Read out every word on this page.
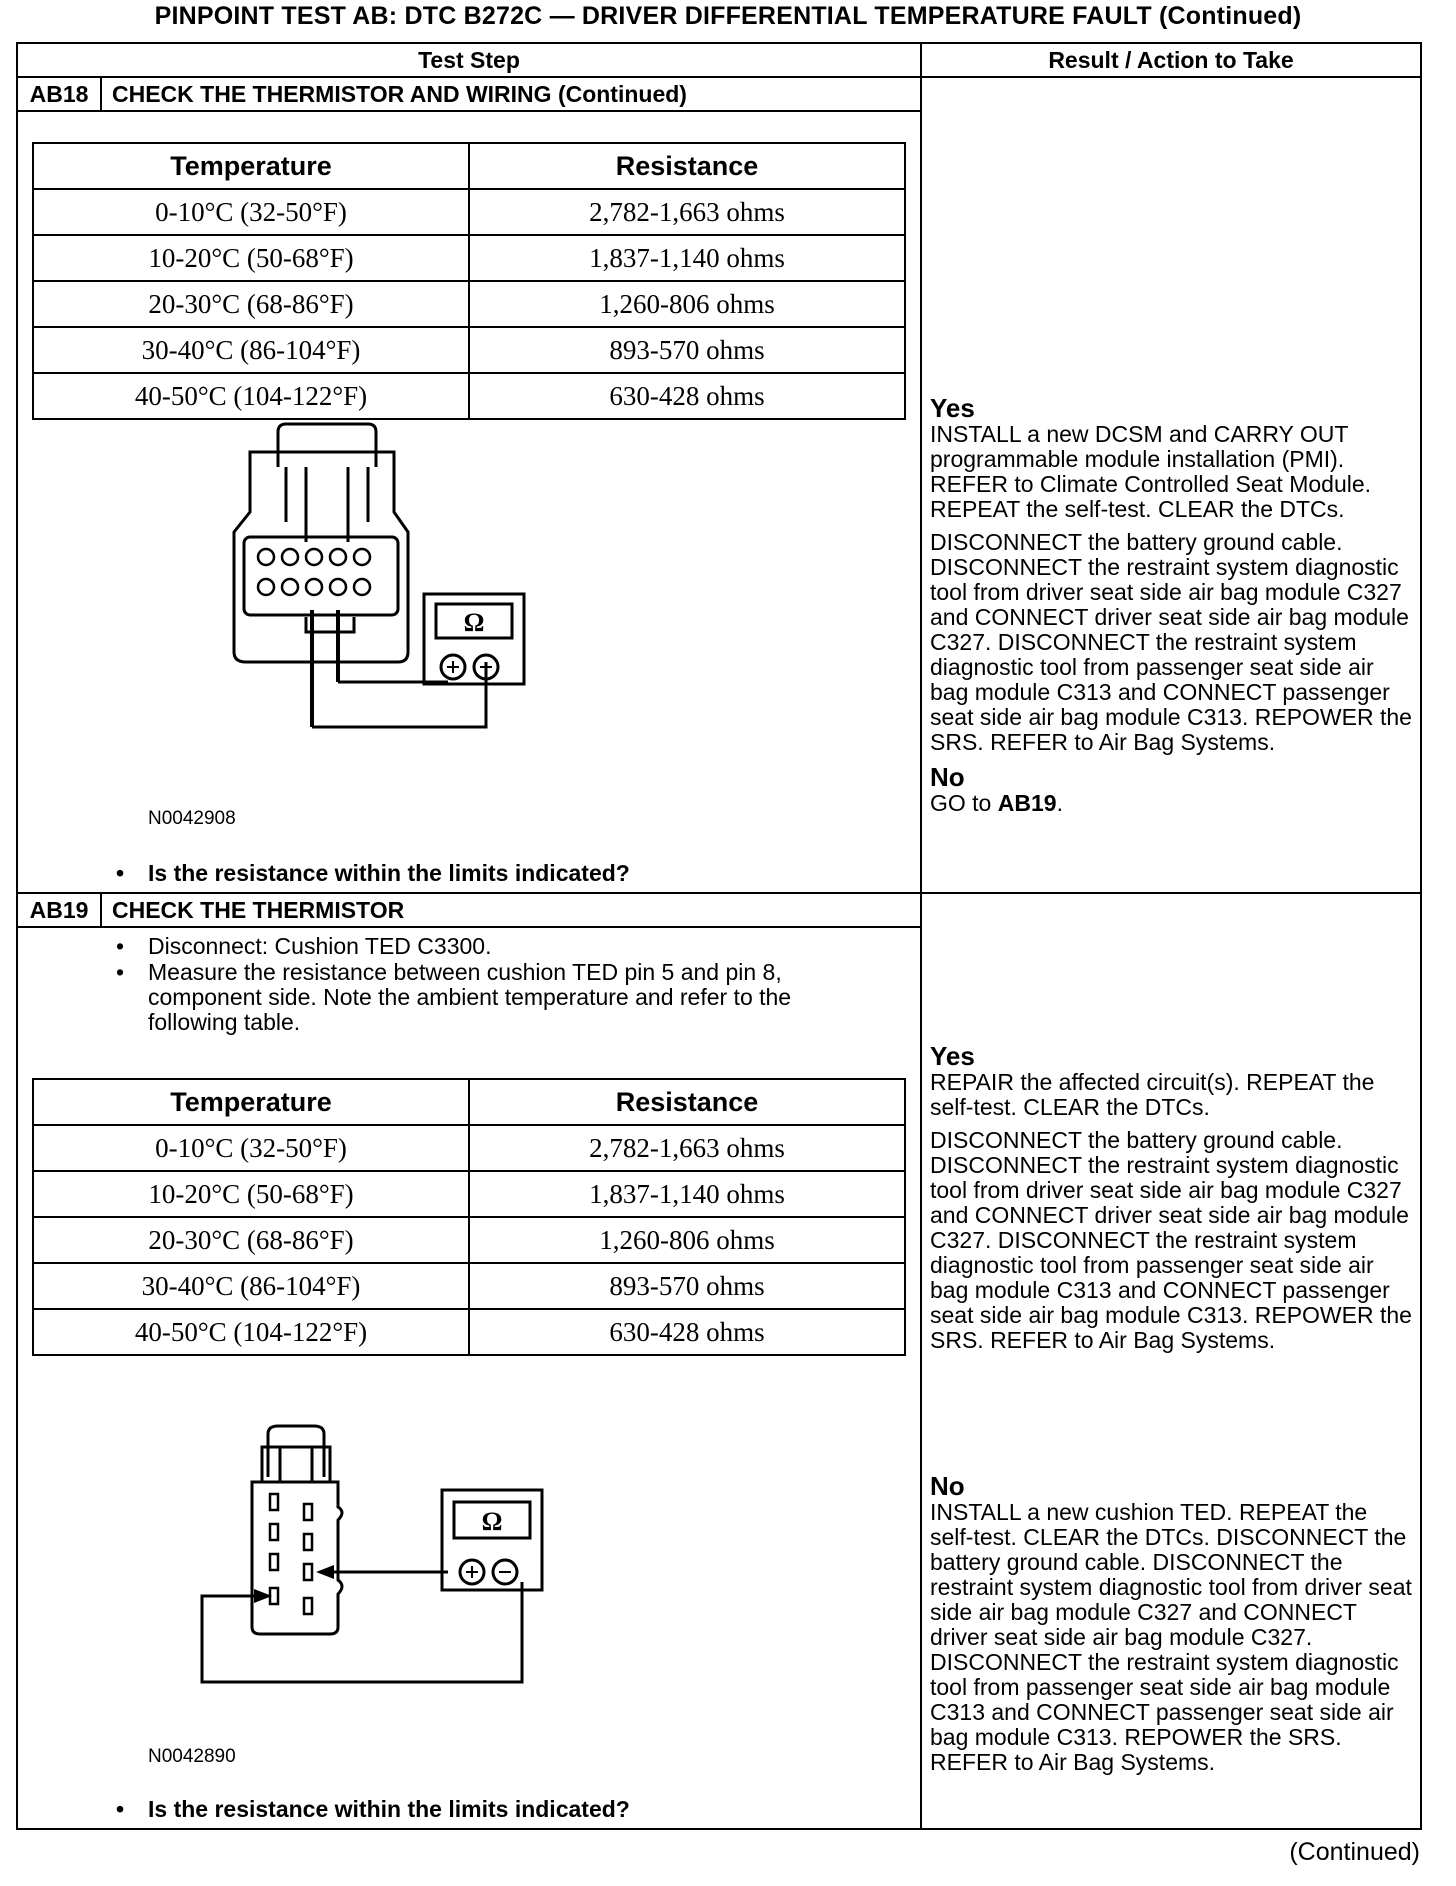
PINPOINT TEST AB: DTC B272C — DRIVER DIFFERENTIAL TEMPERATURE FAULT (Continued)
Test Step	Result / Action to Take
AB18	CHECK THE THERMISTOR AND WIRING (Continued)
Temperature	Resistance
0-10°C (32-50°F)	2,782-1,663 ohms
10-20°C (50-68°F)	1,837-1,140 ohms
20-30°C (68-86°F)	1,260-806 ohms
30-40°C (86-104°F)	893-570 ohms
40-50°C (104-122°F)	630-428 ohms
Ω
N0042908
• Is the resistance within the limits indicated?
Yes

INSTALL a new DCSM and CARRY OUT programmable module installation (PMI). REFER to Climate Controlled Seat Module. REPEAT the self-test. CLEAR the DTCs.

DISCONNECT the battery ground cable. DISCONNECT the restraint system diagnostic tool from driver seat side air bag module C327 and CONNECT driver seat side air bag module C327. DISCONNECT the restraint system diagnostic tool from passenger seat side air bag module C313 and CONNECT passenger seat side air bag module C313. REPOWER the SRS. REFER to Air Bag Systems.

No
GO to AB19.
AB19	CHECK THE THERMISTOR
• Disconnect: Cushion TED C3300.
• Measure the resistance between cushion TED pin 5 and pin 8, component side. Note the ambient temperature and refer to the following table.
Temperature	Resistance
0-10°C (32-50°F)	2,782-1,663 ohms
10-20°C (50-68°F)	1,837-1,140 ohms
20-30°C (68-86°F)	1,260-806 ohms
30-40°C (86-104°F)	893-570 ohms
40-50°C (104-122°F)	630-428 ohms
Ω
N0042890
• Is the resistance within the limits indicated?
Yes

REPAIR the affected circuit(s). REPEAT the self-test. CLEAR the DTCs.

DISCONNECT the battery ground cable. DISCONNECT the restraint system diagnostic tool from driver seat side air bag module C327 and CONNECT driver seat side air bag module C327. DISCONNECT the restraint system diagnostic tool from passenger seat side air bag module C313 and CONNECT passenger seat side air bag module C313. REPOWER the SRS. REFER to Air Bag Systems.

No

INSTALL a new cushion TED. REPEAT the self-test. CLEAR the DTCs. DISCONNECT the battery ground cable. DISCONNECT the restraint system diagnostic tool from driver seat side air bag module C327 and CONNECT driver seat side air bag module C327. DISCONNECT the restraint system diagnostic tool from passenger seat side air bag module C313 and CONNECT passenger seat side air bag module C313. REPOWER the SRS. REFER to Air Bag Systems.

(Continued)
